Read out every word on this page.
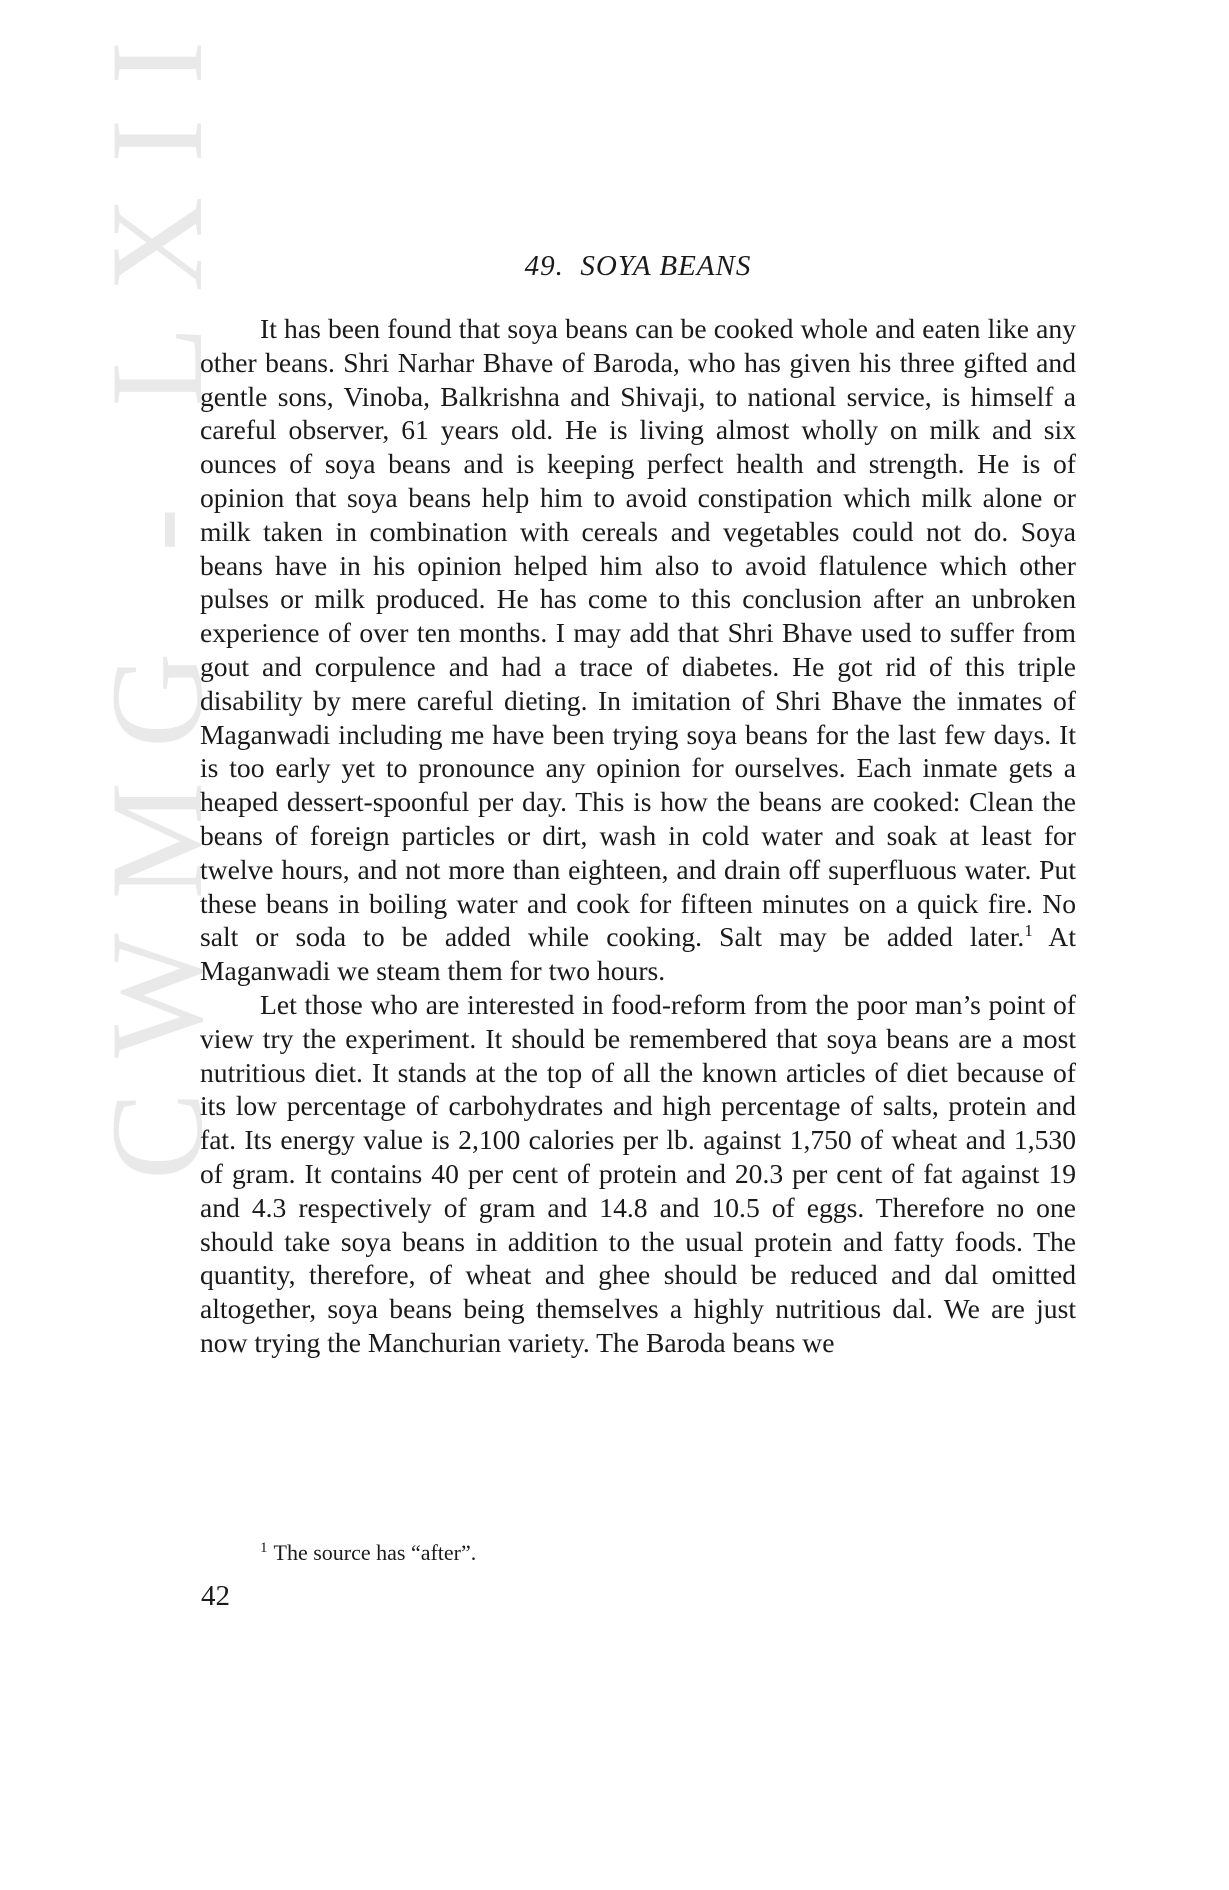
CWMG - LXII	49. SOYA BEANS

It has been found that soya beans can be cooked whole and eaten like any other beans. Shri Narhar Bhave of Baroda, who has given his three gifted and gentle sons, Vinoba, Balkrishna and Shivaji, to national service, is himself a careful observer, 61 years old. He is living almost wholly on milk and six ounces of soya beans and is keeping perfect health and strength. He is of opinion that soya beans help him to avoid constipation which milk alone or milk taken in combination with cereals and vegetables could not do. Soya beans have in his opinion helped him also to avoid flatulence which other pulses or milk produced. He has come to this conclusion after an unbroken experience of over ten months. I may add that Shri Bhave used to suffer from gout and corpulence and had a trace of diabetes. He got rid of this triple disability by mere careful dieting. In imitation of Shri Bhave the inmates of Maganwadi including me have been trying soya beans for the last few days. It is too early yet to pronounce any opinion for ourselves. Each inmate gets a heaped dessert-spoonful per day. This is how the beans are cooked: Clean the beans of foreign particles or dirt, wash in cold water and soak at least for twelve hours, and not more than eighteen, and drain off superfluous water. Put these beans in boiling water and cook for fifteen minutes on a quick fire. No salt or soda to be added while cooking. Salt may be added later.$^1$ At Maganwadi we steam them for two hours.

Let those who are interested in food-reform from the poor man’s point of view try the experiment. It should be remembered that soya beans are a most nutritious diet. It stands at the top of all the known articles of diet because of its low percentage of carbohydrates and high percentage of salts, protein and fat. Its energy value is 2,100 calories per lb. against 1,750 of wheat and 1,530 of gram. It contains 40 per cent of protein and 20.3 per cent of fat against 19 and 4.3 respectively of gram and 14.8 and 10.5 of eggs. Therefore no one should take soya beans in addition to the usual protein and fatty foods. The quantity, therefore, of wheat and ghee should be reduced and dal omitted altogether, soya beans being themselves a highly nutritious dal. We are just now trying the Manchurian variety. The Baroda beans we

$^1$ The source has “after”.
42
